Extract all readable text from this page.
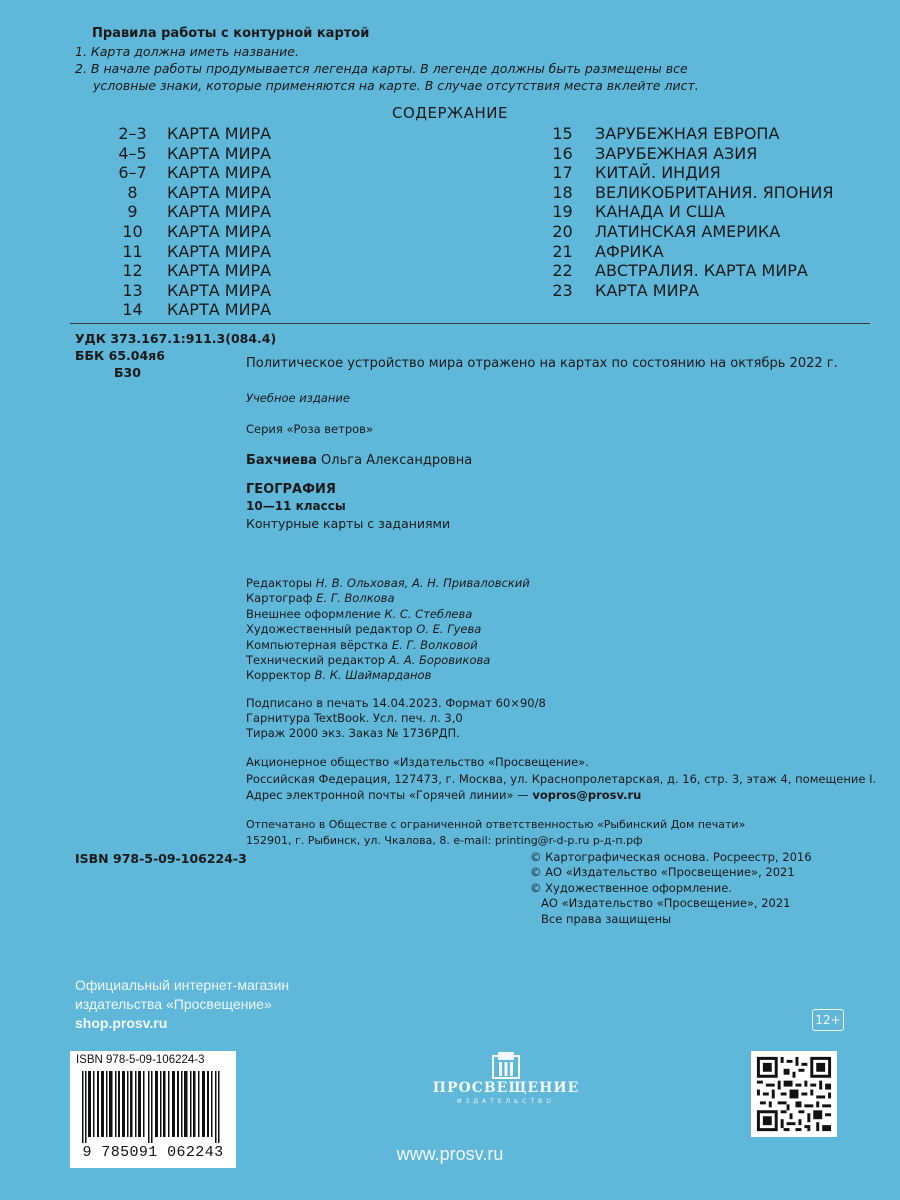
Правила работы с контурной картой
1. Карта должна иметь название.
2. В начале работы продумывается легенда карты. В легенде должны быть размещены все
условные знаки, которые применяются на карте. В случае отсутствия места вклейте лист.
СОДЕРЖАНИЕ
2–3	КАРТА МИРА
4–5	КАРТА МИРА
6–7	КАРТА МИРА
8	КАРТА МИРА
9	КАРТА МИРА
10	КАРТА МИРА
11	КАРТА МИРА
12	КАРТА МИРА
13	КАРТА МИРА
14	КАРТА МИРА
15	ЗАРУБЕЖНАЯ ЕВРОПА
16	ЗАРУБЕЖНАЯ АЗИЯ
17	КИТАЙ. ИНДИЯ
18	ВЕЛИКОБРИТАНИЯ. ЯПОНИЯ
19	КАНАДА И США
20	ЛАТИНСКАЯ АМЕРИКА
21	АФРИКА
22	АВСТРАЛИЯ. КАРТА МИРА
23	КАРТА МИРА
УДК 373.167.1:911.3(084.4)
ББК 65.04я6
Б30
Политическое устройство мира отражено на картах по состоянию на октябрь 2022 г.
Учебное издание
Серия «Роза ветров»
Бахчиева Ольга Александровна
ГЕОГРАФИЯ
10—11 классы
Контурные карты с заданиями
Редакторы Н. В. Ольховая, А. Н. Приваловский
Картограф Е. Г. Волкова
Внешнее оформление К. С. Стеблева
Художественный редактор О. Е. Гуева
Компьютерная вёрстка Е. Г. Волковой
Технический редактор А. А. Боровикова
Корректор В. К. Шаймарданов
Подписано в печать 14.04.2023. Формат 60×90/8
Гарнитура TextBook. Усл. печ. л. 3,0
Тираж 2000 экз. Заказ № 1736РДП.
Акционерное общество «Издательство «Просвещение».
Российская Федерация, 127473, г. Москва, ул. Краснопролетарская, д. 16, стр. 3, этаж 4, помещение I.
Адрес электронной почты «Горячей линии» — vopros@prosv.ru
Отпечатано в Обществе с ограниченной ответственностью «Рыбинский Дом печати»
152901, г. Рыбинск, ул. Чкалова, 8. e-mail: printing@r-d-p.ru р-д-п.рф
ISBN 978-5-09-106224-3	© Картографическая основа. Росреестр, 2016
© АО «Издательство «Просвещение», 2021
© Художественное оформление.
АО «Издательство «Просвещение», 2021
Все права защищены
Официальный интернет-магазин
издательства «Просвещение»
shop.prosv.ru	12+
ISBN 978-5-09-106224-3
9 785091 062243
ПРОСВЕЩЕНИЕ
ИЗДАТЕЛЬСТВО
www.prosv.ru
